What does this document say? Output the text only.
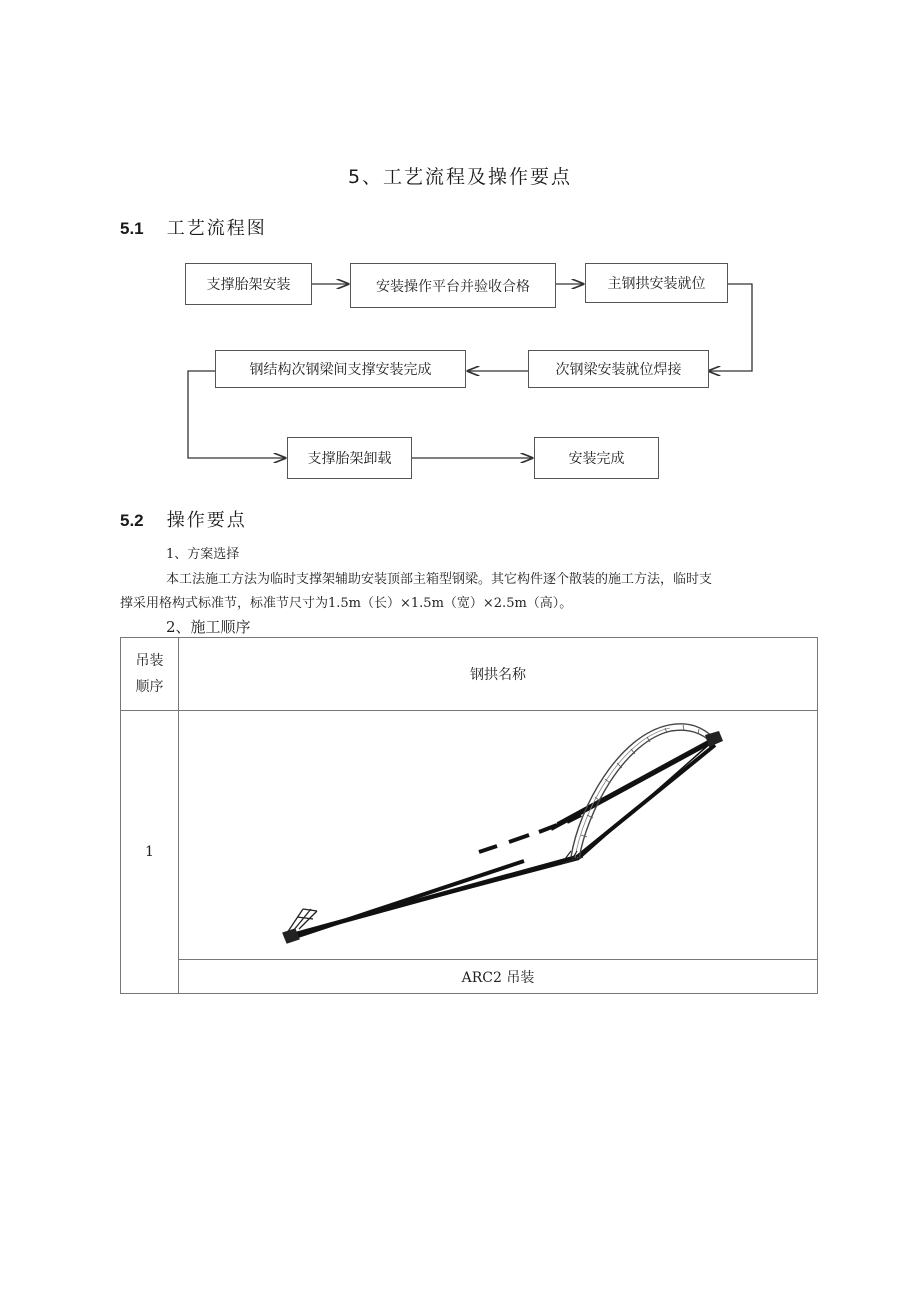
5、工艺流程及操作要点
5.1 工艺流程图
支撑胎架安装	安装操作平台并验收合格	主钢拱安装就位
次钢梁安装就位焊接
钢结构次钢梁间支撑安装完成
支撑胎架卸载	安装完成
5.2 操作要点
1、方案选择
本工法施工方法为临时支撑架辅助安装顶部主箱型钢梁。其它构件逐个散装的施工方法，临时支
撑采用格构式标准节，标准节尺寸为1.5m（长）×1.5m（宽）×2.5m（高）。
2、施工顺序
吊装
顺序	钢拱名称
1	
	ARC2 吊装
